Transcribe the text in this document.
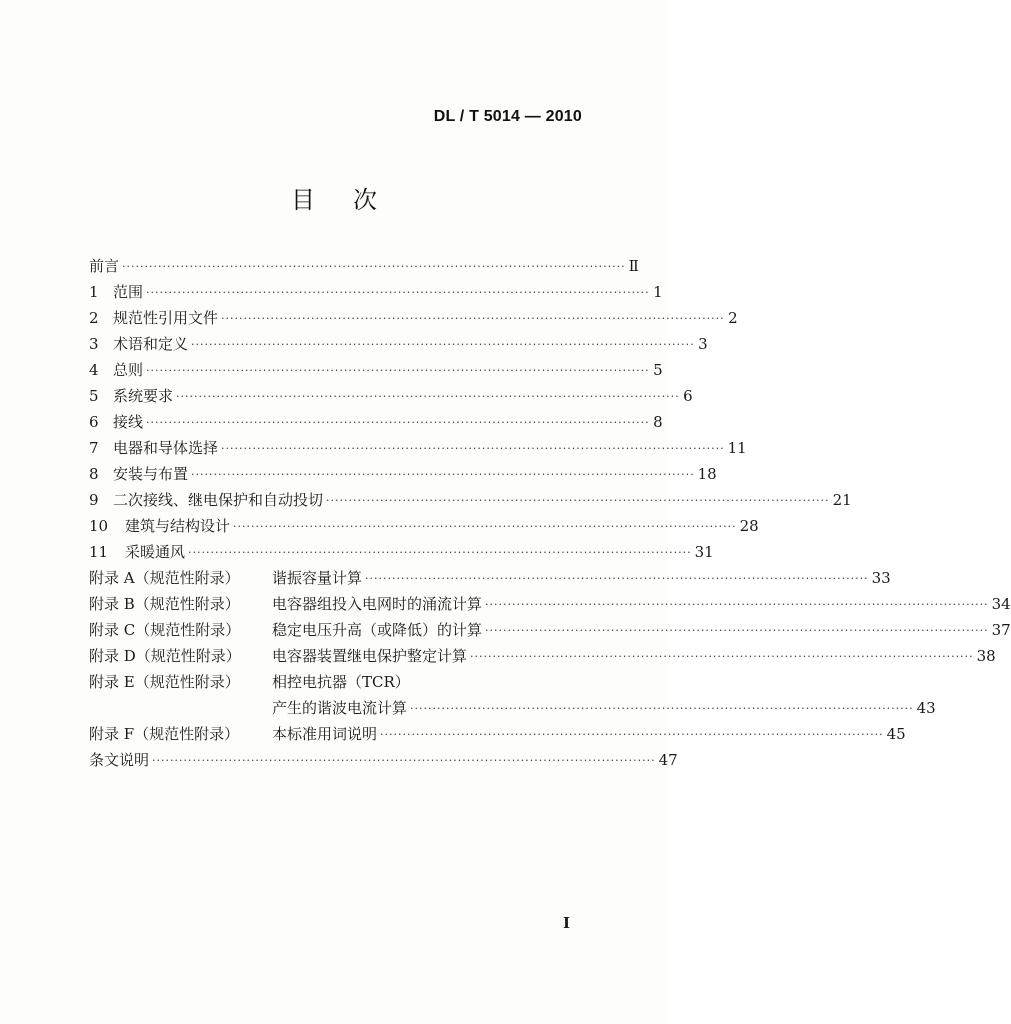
DL / T 5014 — 2010
目次
前言 ·····	Ⅱ
1 范围 ·····	1
2 规范性引用文件 ·····	2
3 术语和定义 ·····	3
4 总则 ·····	5
5 系统要求 ·····	6
6 接线 ·····	8
7 电器和导体选择 ·····	11
8 安装与布置 ·····	18
9 二次接线、继电保护和自动投切 ·····	21
10	建筑与结构设计 ·····	28
11	采暖通风 ·····	31
附录 A（规范性附录）	谐振容量计算 ·····	33
附录 B（规范性附录）	电容器组投入电网时的涌流计算 ·····	34
附录 C（规范性附录）	稳定电压升高（或降低）的计算 ·····	37
附录 D（规范性附录）	电容器装置继电保护整定计算 ·····	38
附录 E（规范性附录）	相控电抗器（TCR）
产生的谐波电流计算 ·····	43
附录 F（规范性附录）	本标准用词说明 ·····	45
条文说明 ·····	47
I
